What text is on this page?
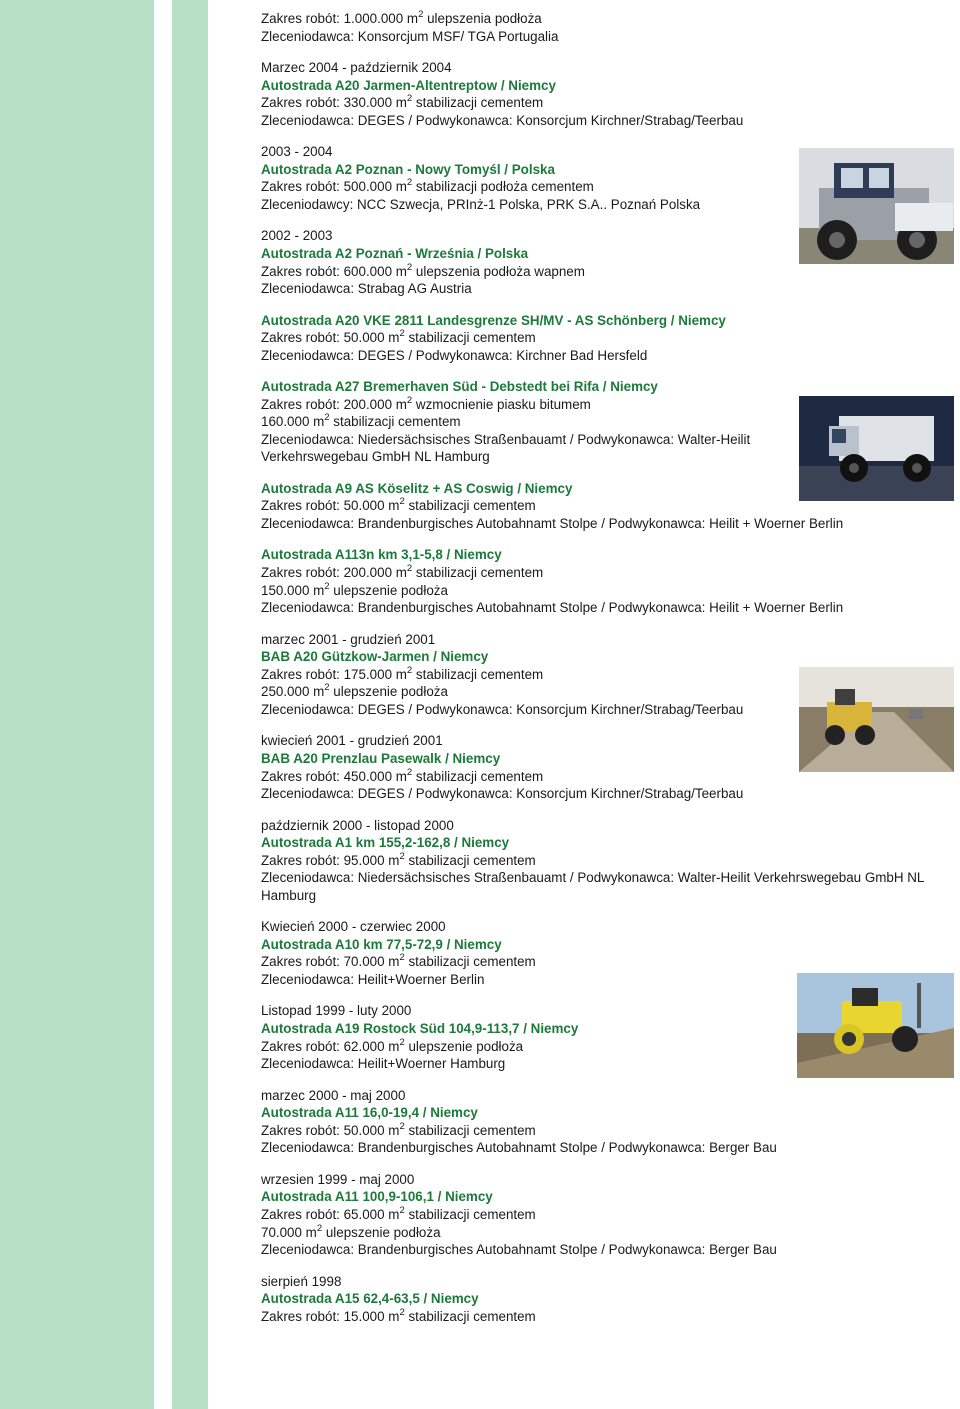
Zakres robót: 1.000.000 $m^2$ ulepszenia podłoża
Zleceniodawca: Konsorcjum MSF/ TGA Portugalia
Marzec 2004 - październik 2004
Autostrada A20 Jarmen-Altentreptow / Niemcy
Zakres robót: 330.000 $m^2$ stabilizacji cementem
Zleceniodawca: DEGES / Podwykonawca: Konsorcjum Kirchner/Strabag/Teerbau
2003 - 2004
Autostrada A2 Poznan - Nowy Tomyśl / Polska
Zakres robót: 500.000 $m^2$ stabilizacji podłoża cementem
Zleceniodawcy: NCC Szwecja, PRInż-1 Polska, PRK S.A.. Poznań Polska
2002 - 2003
Autostrada A2 Poznań - Września / Polska
Zakres robót: 600.000 $m^2$ ulepszenia podłoża wapnem
Zleceniodawca: Strabag AG Austria
Autostrada A20 VKE 2811 Landesgrenze SH/MV - AS Schönberg / Niemcy
Zakres robót: 50.000 $m^2$ stabilizacji cementem
Zleceniodawca: DEGES / Podwykonawca: Kirchner Bad Hersfeld
Autostrada A27 Bremerhaven Süd - Debstedt bei Rifa / Niemcy
Zakres robót: 200.000 $m^2$ wzmocnienie piasku bitumem
160.000 $m^2$ stabilizacji cementem
Zleceniodawca: Niedersächsisches Straßenbauamt / Podwykonawca: Walter-Heilit
Verkehrswegebau GmbH NL Hamburg
Autostrada A9 AS Köselitz + AS Coswig / Niemcy
Zakres robót: 50.000 $m^2$ stabilizacji cementem
Zleceniodawca: Brandenburgisches Autobahnamt Stolpe / Podwykonawca: Heilit + Woerner Berlin
Autostrada A113n km 3,1-5,8 / Niemcy
Zakres robót: 200.000 $m^2$ stabilizacji cementem
150.000 $m^2$ ulepszenie podłoża
Zleceniodawca: Brandenburgisches Autobahnamt Stolpe / Podwykonawca: Heilit + Woerner Berlin
marzec 2001 - grudzień 2001
BAB A20 Gützkow-Jarmen / Niemcy
Zakres robót: 175.000 $m^2$ stabilizacji cementem
250.000 $m^2$ ulepszenie podłoża
Zleceniodawca: DEGES / Podwykonawca: Konsorcjum Kirchner/Strabag/Teerbau
kwiecień 2001 - grudzień 2001
BAB A20 Prenzlau Pasewalk / Niemcy
Zakres robót: 450.000 $m^2$ stabilizacji cementem
Zleceniodawca: DEGES / Podwykonawca: Konsorcjum Kirchner/Strabag/Teerbau
październik 2000 - listopad 2000
Autostrada A1 km 155,2-162,8 / Niemcy
Zakres robót: 95.000 $m^2$ stabilizacji cementem
Zleceniodawca: Niedersächsisches Straßenbauamt / Podwykonawca: Walter-Heilit Verkehrswegebau GmbH NL Hamburg
Kwiecień 2000 - czerwiec 2000
Autostrada A10 km 77,5-72,9 / Niemcy
Zakres robót: 70.000 $m^2$ stabilizacji cementem
Zleceniodawca: Heilit+Woerner Berlin
Listopad 1999 - luty 2000
Autostrada A19 Rostock Süd 104,9-113,7 / Niemcy
Zakres robót: 62.000 $m^2$ ulepszenie podłoża
Zleceniodawca: Heilit+Woerner Hamburg
marzec 2000 - maj 2000
Autostrada A11 16,0-19,4 / Niemcy
Zakres robót: 50.000 $m^2$ stabilizacji cementem
Zleceniodawca: Brandenburgisches Autobahnamt Stolpe / Podwykonawca: Berger Bau
wrzesien 1999 - maj 2000
Autostrada A11 100,9-106,1 / Niemcy
Zakres robót: 65.000 $m^2$ stabilizacji cementem
70.000 $m^2$ ulepszenie podłoża
Zleceniodawca: Brandenburgisches Autobahnamt Stolpe / Podwykonawca: Berger Bau
sierpień 1998
Autostrada A15 62,4-63,5 / Niemcy
Zakres robót: 15.000 $m^2$ stabilizacji cementem
